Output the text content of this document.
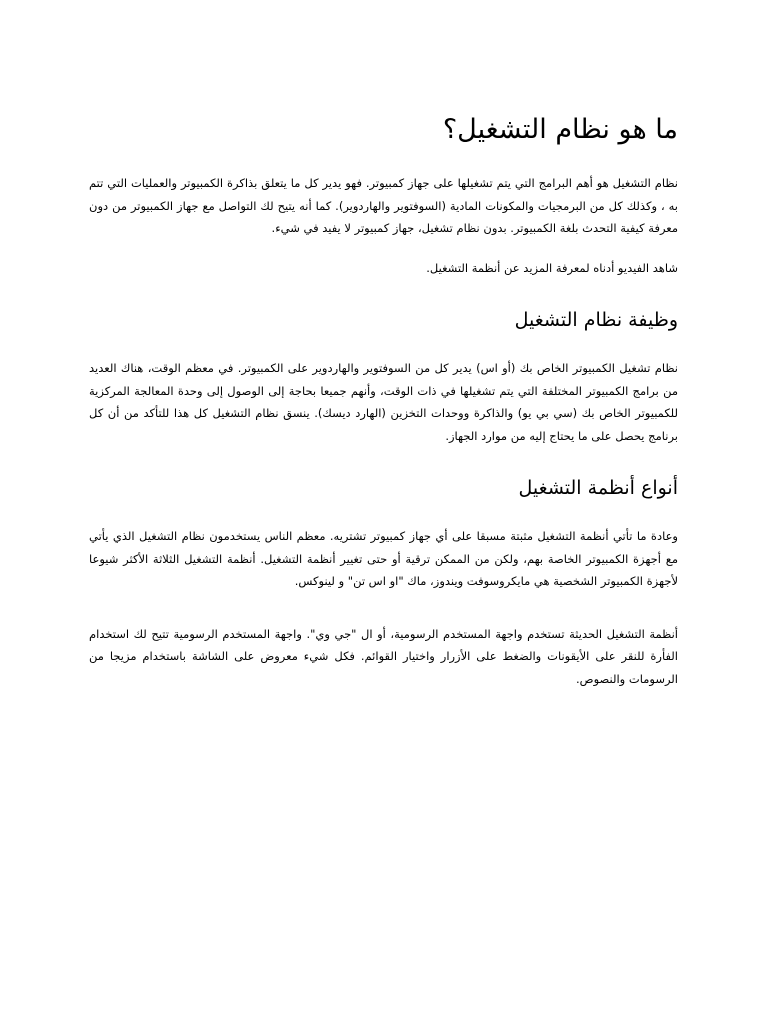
ما هو نظام التشغيل؟

نظام التشغيل هو أهم البرامج التي يتم تشغيلها على جهاز كمبيوتر. فهو يدير كل ما يتعلق بذاكرة الكمبيوتر والعمليات التي تتم به ، وكذلك كل من البرمجيات والمكونات المادية (السوفتوير والهاردوير). كما أنه يتيح لك التواصل مع جهاز الكمبيوتر من دون معرفة كيفية التحدث بلغة الكمبيوتر. بدون نظام تشغيل، جهاز كمبيوتر لا يفيد في شيء.

شاهد الفيديو أدناه لمعرفة المزيد عن أنظمة التشغيل.

وظيفة نظام التشغيل

نظام تشغيل الكمبيوتر الخاص بك (أو اس) يدير كل من السوفتوير والهاردوير على الكمبيوتر. في معظم الوقت، هناك العديد من برامج الكمبيوتر المختلفة التي يتم تشغيلها في ذات الوقت، وأنهم جميعا بحاجة إلى الوصول إلى وحدة المعالجة المركزية للكمبيوتر الخاص بك (سي بي يو) والذاكرة ووحدات التخزين (الهارد ديسك). ينسق نظام التشغيل كل هذا للتأكد من أن كل برنامج يحصل على ما يحتاج إليه من موارد الجهاز.

أنواع أنظمة التشغيل

وعادة ما تأتي أنظمة التشغيل مثبتة مسبقا على أي جهاز كمبيوتر تشتريه. معظم الناس يستخدمون نظام التشغيل الذي يأتي مع أجهزة الكمبيوتر الخاصة بهم، ولكن من الممكن ترقية أو حتى تغيير أنظمة التشغيل. أنظمة التشغيل الثلاثة الأكثر شيوعا لأجهزة الكمبيوتر الشخصية هي مايكروسوفت ويندوز، ماك "او اس تن" و لينوكس.

أنظمة التشغيل الحديثة تستخدم واجهة المستخدم الرسومية، أو ال "جي وي". واجهة المستخدم الرسومية تتيح لك استخدام الفأرة للنقر على الأيقونات والضغط على الأزرار واختيار القوائم. فكل شيء معروض على الشاشة باستخدام مزيجا من الرسومات والنصوص.
